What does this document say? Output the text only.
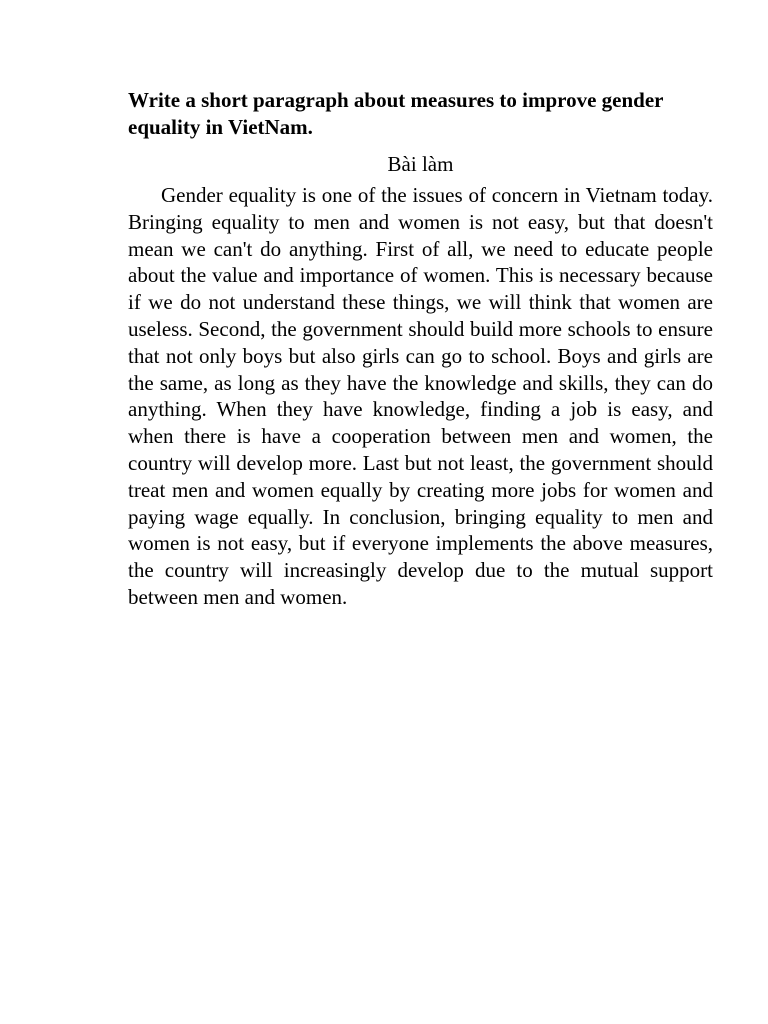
Write a short paragraph about measures to improve gender equality in VietNam.

Bài làm

Gender equality is one of the issues of concern in Vietnam today. Bringing equality to men and women is not easy, but that doesn't mean we can't do anything. First of all, we need to educate people about the value and importance of women. This is necessary because if we do not understand these things, we will think that women are useless. Second, the government should build more schools to ensure that not only boys but also girls can go to school. Boys and girls are the same, as long as they have the knowledge and skills, they can do anything. When they have knowledge, finding a job is easy, and when there is have a cooperation between men and women, the country will develop more. Last but not least, the government should treat men and women equally by creating more jobs for women and paying wage equally. In conclusion, bringing equality to men and women is not easy, but if everyone implements the above measures, the country will increasingly develop due to the mutual support between men and women.
